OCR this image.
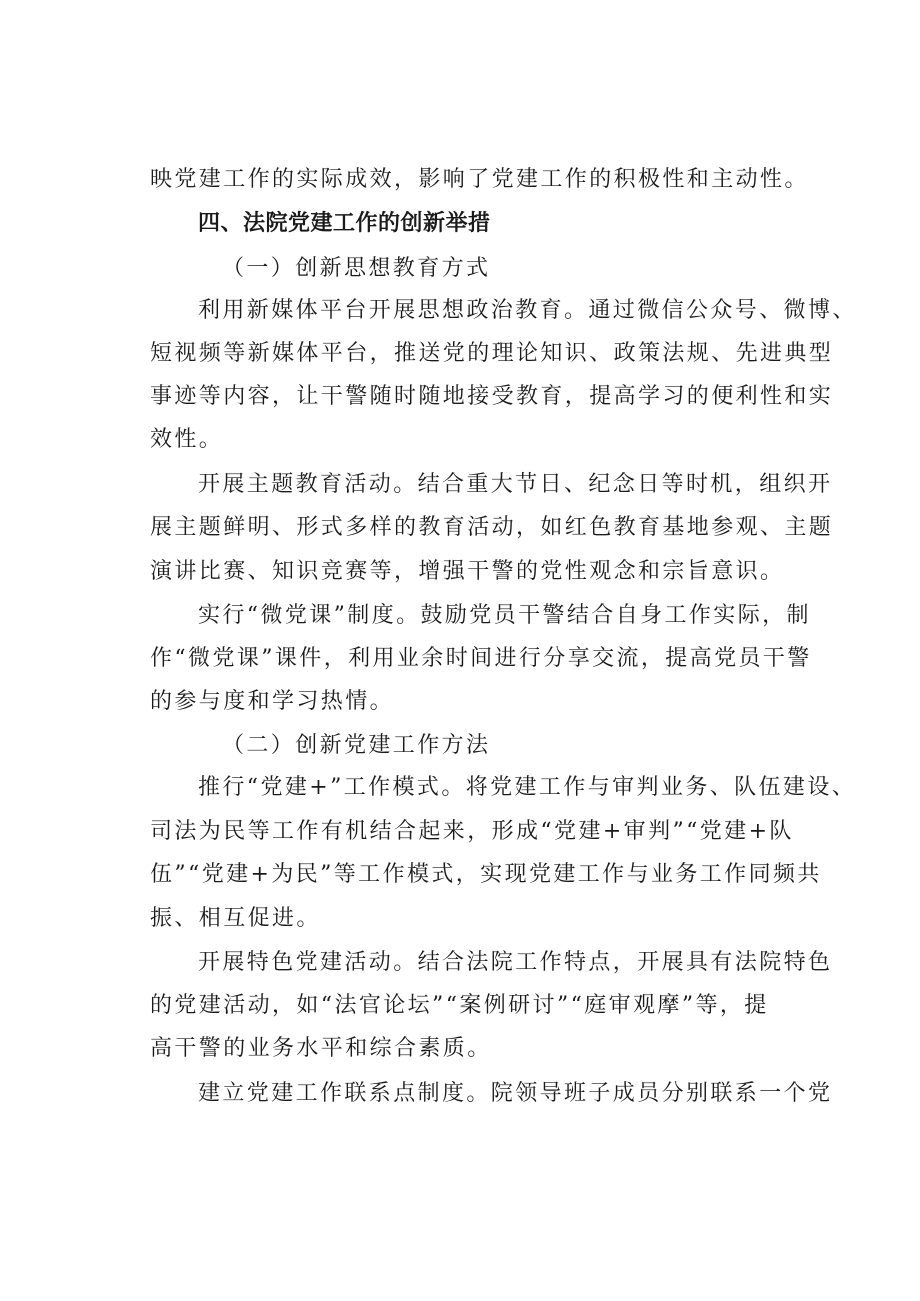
映党建工作的实际成效，影响了党建工作的积极性和主动性。
四、法院党建工作的创新举措
（一）创新思想教育方式
利用新媒体平台开展思想政治教育。通过微信公众号、微博、
短视频等新媒体平台，推送党的理论知识、政策法规、先进典型
事迹等内容，让干警随时随地接受教育，提高学习的便利性和实
效性。
开展主题教育活动。结合重大节日、纪念日等时机，组织开
展主题鲜明、形式多样的教育活动，如红色教育基地参观、主题
演讲比赛、知识竞赛等，增强干警的党性观念和宗旨意识。
实行“微党课”制度。鼓励党员干警结合自身工作实际，制
作“微党课”课件，利用业余时间进行分享交流，提高党员干警
的参与度和学习热情。
（二）创新党建工作方法
推行“党建+”工作模式。将党建工作与审判业务、队伍建设、
司法为民等工作有机结合起来，形成“党建+审判”“党建+队
伍”“党建+为民”等工作模式，实现党建工作与业务工作同频共
振、相互促进。
开展特色党建活动。结合法院工作特点，开展具有法院特色
的党建活动，如“法官论坛”“案例研讨”“庭审观摩”等，提
高干警的业务水平和综合素质。
建立党建工作联系点制度。院领导班子成员分别联系一个党
